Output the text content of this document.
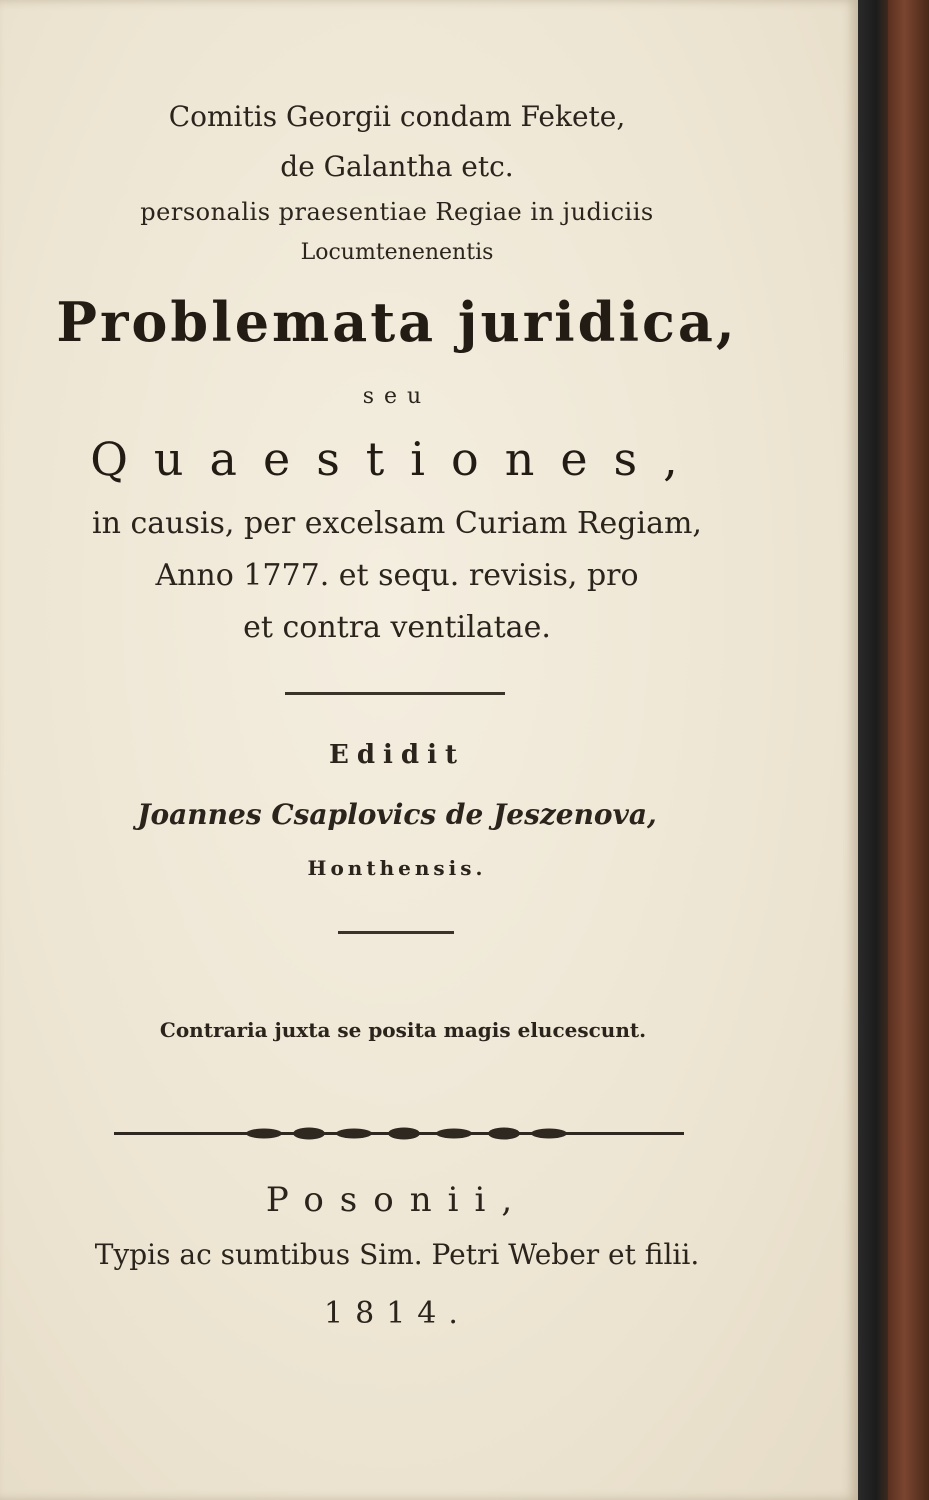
Comitis Georgii condam Fekete,
de Galantha etc.
personalis praesentiae Regiae in judiciis
Locumtenenentis
Problemata juridica,
seu
Quaestiones,
in causis, per excelsam Curiam Regiam,
Anno 1777. et sequ. revisis, pro
et contra ventilatae.
Edidit
Joannes Csaplovics de Jeszenova,
Honthensis.
Contraria juxta se posita magis elucescunt.
Posonii,
Typis ac sumtibus Sim. Petri Weber et filii.
1814.
